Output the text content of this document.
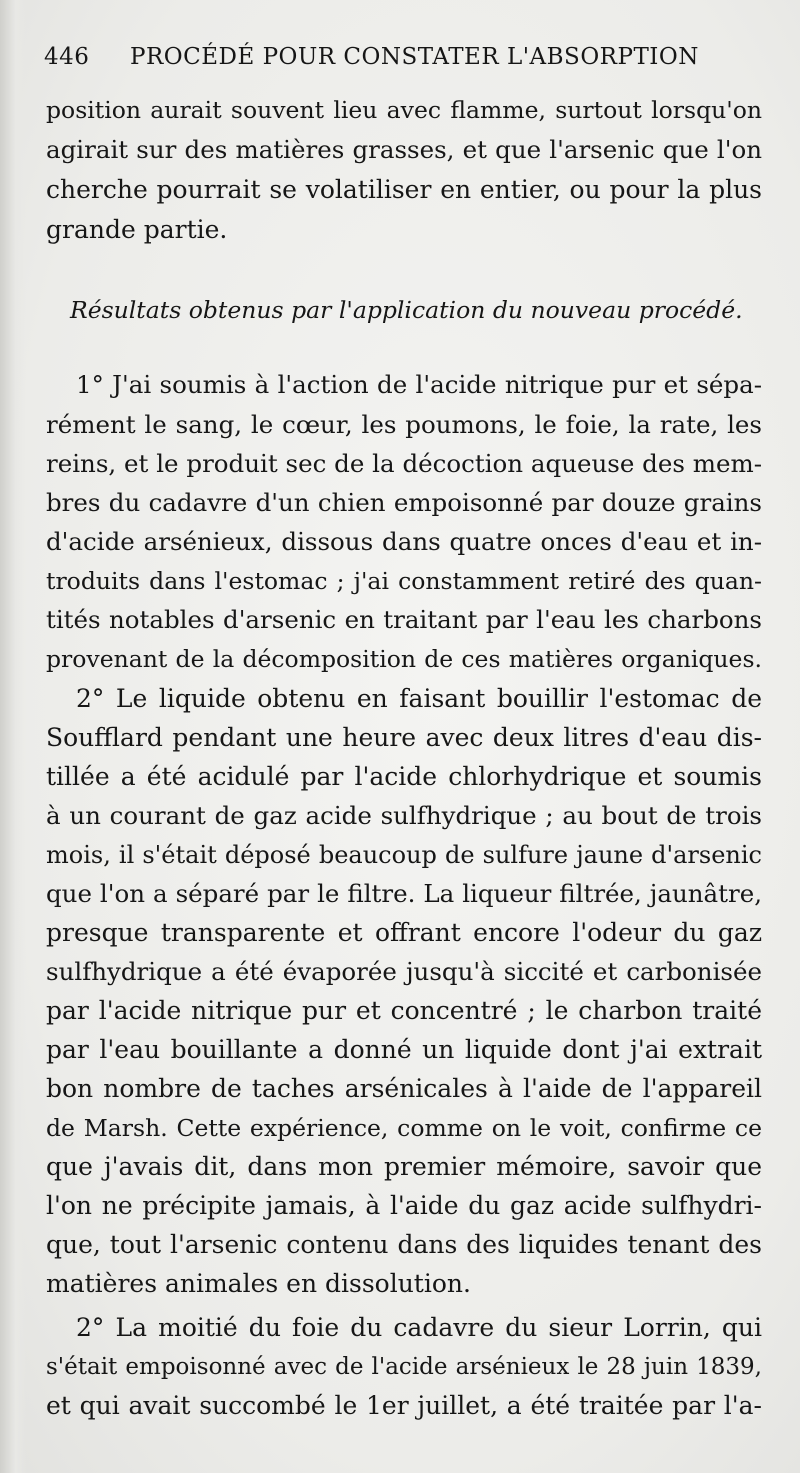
446 PROCÉDÉ POUR CONSTATER L'ABSORPTION
position aurait souvent lieu avec flamme, surtout lorsqu'on
agirait sur des matières grasses, et que l'arsenic que l'on
cherche pourrait se volatiliser en entier, ou pour la plus
grande partie.
Résultats obtenus par l'application du nouveau procédé.
1° J'ai soumis à l'action de l'acide nitrique pur et sépa-
rément le sang, le cœur, les poumons, le foie, la rate, les
reins, et le produit sec de la décoction aqueuse des mem-
bres du cadavre d'un chien empoisonné par douze grains
d'acide arsénieux, dissous dans quatre onces d'eau et in-
troduits dans l'estomac ; j'ai constamment retiré des quan-
tités notables d'arsenic en traitant par l'eau les charbons
provenant de la décomposition de ces matières organiques.
2° Le liquide obtenu en faisant bouillir l'estomac de
Soufflard pendant une heure avec deux litres d'eau dis-
tillée a été acidulé par l'acide chlorhydrique et soumis
à un courant de gaz acide sulfhydrique ; au bout de trois
mois, il s'était déposé beaucoup de sulfure jaune d'arsenic
que l'on a séparé par le filtre. La liqueur filtrée, jaunâtre,
presque transparente et offrant encore l'odeur du gaz
sulfhydrique a été évaporée jusqu'à siccité et carbonisée
par l'acide nitrique pur et concentré ; le charbon traité
par l'eau bouillante a donné un liquide dont j'ai extrait
bon nombre de taches arsénicales à l'aide de l'appareil
de Marsh. Cette expérience, comme on le voit, confirme ce
que j'avais dit, dans mon premier mémoire, savoir que
l'on ne précipite jamais, à l'aide du gaz acide sulfhydri-
que, tout l'arsenic contenu dans des liquides tenant des
matières animales en dissolution.
2° La moitié du foie du cadavre du sieur Lorrin, qui
s'était empoisonné avec de l'acide arsénieux le 28 juin 1839,
et qui avait succombé le 1er juillet, a été traitée par l'a-
